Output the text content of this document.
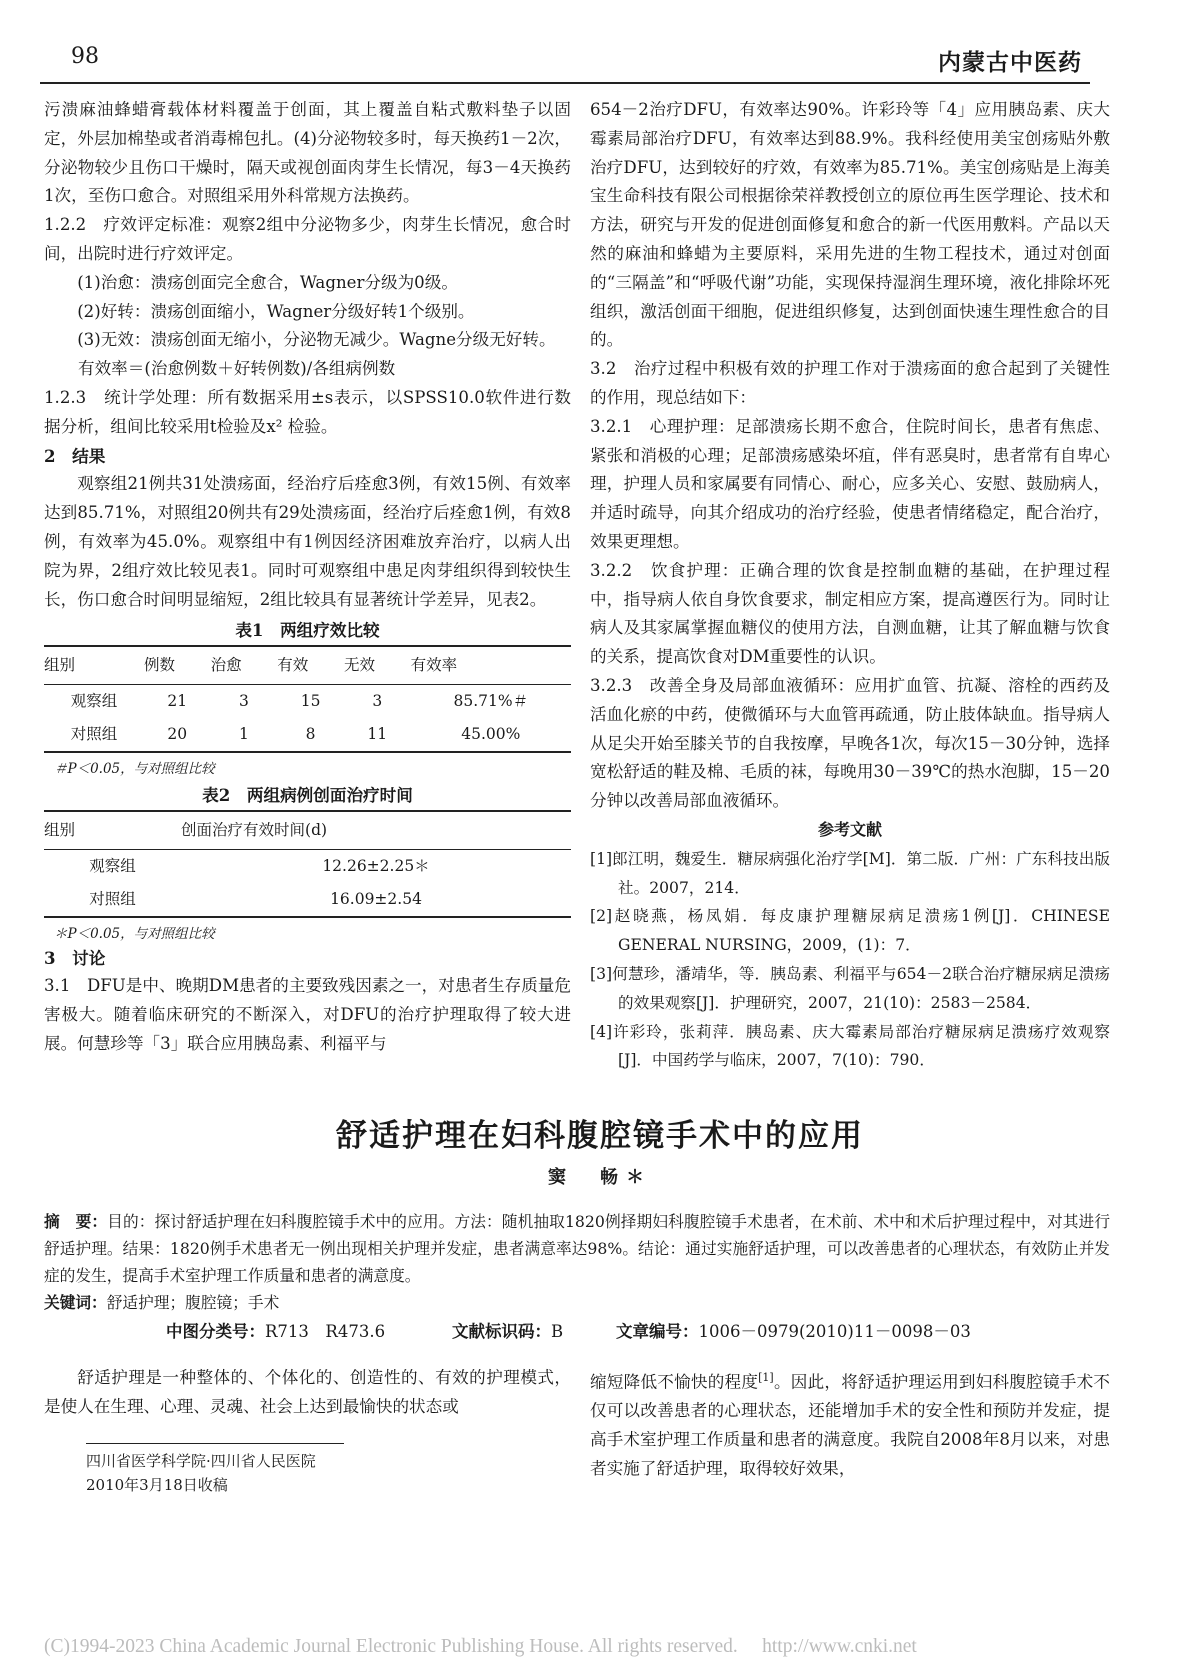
98	内蒙古中医药

污溃麻油蜂蜡膏载体材料覆盖于创面，其上覆盖自粘式敷料垫子以固定，外层加棉垫或者消毒棉包扎。(4)分泌物较多时，每天换药1－2次，分泌物较少且伤口干燥时，隔天或视创面肉芽生长情况，每3－4天换药1次，至伤口愈合。对照组采用外科常规方法换药。

1.2.2　疗效评定标准：观察2组中分泌物多少，肉芽生长情况，愈合时间，出院时进行疗效评定。

(1)治愈：溃疡创面完全愈合，Wagner分级为0级。

(2)好转：溃疡创面缩小，Wagner分级好转1个级别。

(3)无效：溃疡创面无缩小，分泌物无减少。Wagne分级无好转。

有效率＝(治愈例数＋好转例数)/各组病例数

1.2.3　统计学处理：所有数据采用±s表示，以SPSS10.0软件进行数据分析，组间比较采用t检验及x² 检验。

2　结果

观察组21例共31处溃疡面，经治疗后痊愈3例，有效15例、有效率达到85.71%，对照组20例共有29处溃疡面，经治疗后痊愈1例，有效8例，有效率为45.0%。观察组中有1例因经济困难放弃治疗，以病人出院为界，2组疗效比较见表1。同时可观察组中患足肉芽组织得到较快生长，伤口愈合时间明显缩短，2组比较具有显著统计学差异，见表2。

表1　两组疗效比较

组别	例数	治愈	有效	无效	有效率
观察组	21	3	15	3	85.71%＃
对照组	20	1	8	11	45.00%

＃P＜0.05，与对照组比较

表2　两组病例创面治疗时间

组别	创面治疗有效时间(d)
观察组	12.26±2.25＊
对照组	16.09±2.54

＊P＜0.05，与对照组比较

3　讨论

3.1　DFU是中、晚期DM患者的主要致残因素之一，对患者生存质量危害极大。随着临床研究的不断深入，对DFU的治疗护理取得了较大进展。何慧珍等「3」联合应用胰岛素、利福平与

654－2治疗DFU，有效率达90%。许彩玲等「4」应用胰岛素、庆大霉素局部治疗DFU，有效率达到88.9%。我科经使用美宝创疡贴外敷治疗DFU，达到较好的疗效，有效率为85.71%。美宝创疡贴是上海美宝生命科技有限公司根据徐荣祥教授创立的原位再生医学理论、技术和方法，研究与开发的促进创面修复和愈合的新一代医用敷料。产品以天然的麻油和蜂蜡为主要原料，采用先进的生物工程技术，通过对创面的“三隔盖”和“呼吸代谢”功能，实现保持湿润生理环境，液化排除坏死组织，激活创面干细胞，促进组织修复，达到创面快速生理性愈合的目的。

3.2　治疗过程中积极有效的护理工作对于溃疡面的愈合起到了关键性的作用，现总结如下：

3.2.1　心理护理：足部溃疡长期不愈合，住院时间长，患者有焦虑、紧张和消极的心理；足部溃疡感染坏疽，伴有恶臭时，患者常有自卑心理，护理人员和家属要有同情心、耐心，应多关心、安慰、鼓励病人，并适时疏导，向其介绍成功的治疗经验，使患者情绪稳定，配合治疗，效果更理想。

3.2.2　饮食护理：正确合理的饮食是控制血糖的基础，在护理过程中，指导病人依自身饮食要求，制定相应方案，提高遵医行为。同时让病人及其家属掌握血糖仪的使用方法，自测血糖，让其了解血糖与饮食的关系，提高饮食对DM重要性的认识。

3.2.3　改善全身及局部血液循环：应用扩血管、抗凝、溶栓的西药及活血化瘀的中药，使微循环与大血管再疏通，防止肢体缺血。指导病人从足尖开始至膝关节的自我按摩，早晚各1次，每次15－30分钟，选择宽松舒适的鞋及棉、毛质的袜，每晚用30－39℃的热水泡脚，15－20分钟以改善局部血液循环。

参考文献

[1]郎江明，魏爱生．糖尿病强化治疗学[M]．第二版．广州：广东科技出版社。2007，214．

[2]赵晓燕，杨凤娟．每皮康护理糖尿病足溃疡1例[J]．CHINESE GENERAL NURSING，2009，(1)：7．

[3]何慧珍，潘靖华，等．胰岛素、利福平与654－2联合治疗糖尿病足溃疡的效果观察[J]．护理研究，2007，21(10)：2583－2584．

[4]许彩玲，张莉萍．胰岛素、庆大霉素局部治疗糖尿病足溃疡疗效观察[J]．中国药学与临床，2007，7(10)：790．

舒适护理在妇科腹腔镜手术中的应用
窦　畅＊
摘　要：目的：探讨舒适护理在妇科腹腔镜手术中的应用。方法：随机抽取1820例择期妇科腹腔镜手术患者，在术前、术中和术后护理过程中，对其进行舒适护理。结果：1820例手术患者无一例出现相关护理并发症，患者满意率达98%。结论：通过实施舒适护理，可以改善患者的心理状态，有效防止并发症的发生，提高手术室护理工作质量和患者的满意度。
关键词：舒适护理；腹腔镜；手术
中图分类号：R713　R473.6	文献标识码：B	文章编号：1006－0979(2010)11－0098－03
舒适护理是一种整体的、个体化的、创造性的、有效的护理模式，是使人在生理、心理、灵魂、社会上达到最愉快的状态或
缩短降低不愉快的程度[1]。因此，将舒适护理运用到妇科腹腔镜手术不仅可以改善患者的心理状态，还能增加手术的安全性和预防并发症，提高手术室护理工作质量和患者的满意度。我院自2008年8月以来，对患者实施了舒适护理，取得较好效果，
四川省医学科学院·四川省人民医院
2010年3月18日收稿
(C)1994-2023 China Academic Journal Electronic Publishing House. All rights reserved.　 http://www.cnki.net
